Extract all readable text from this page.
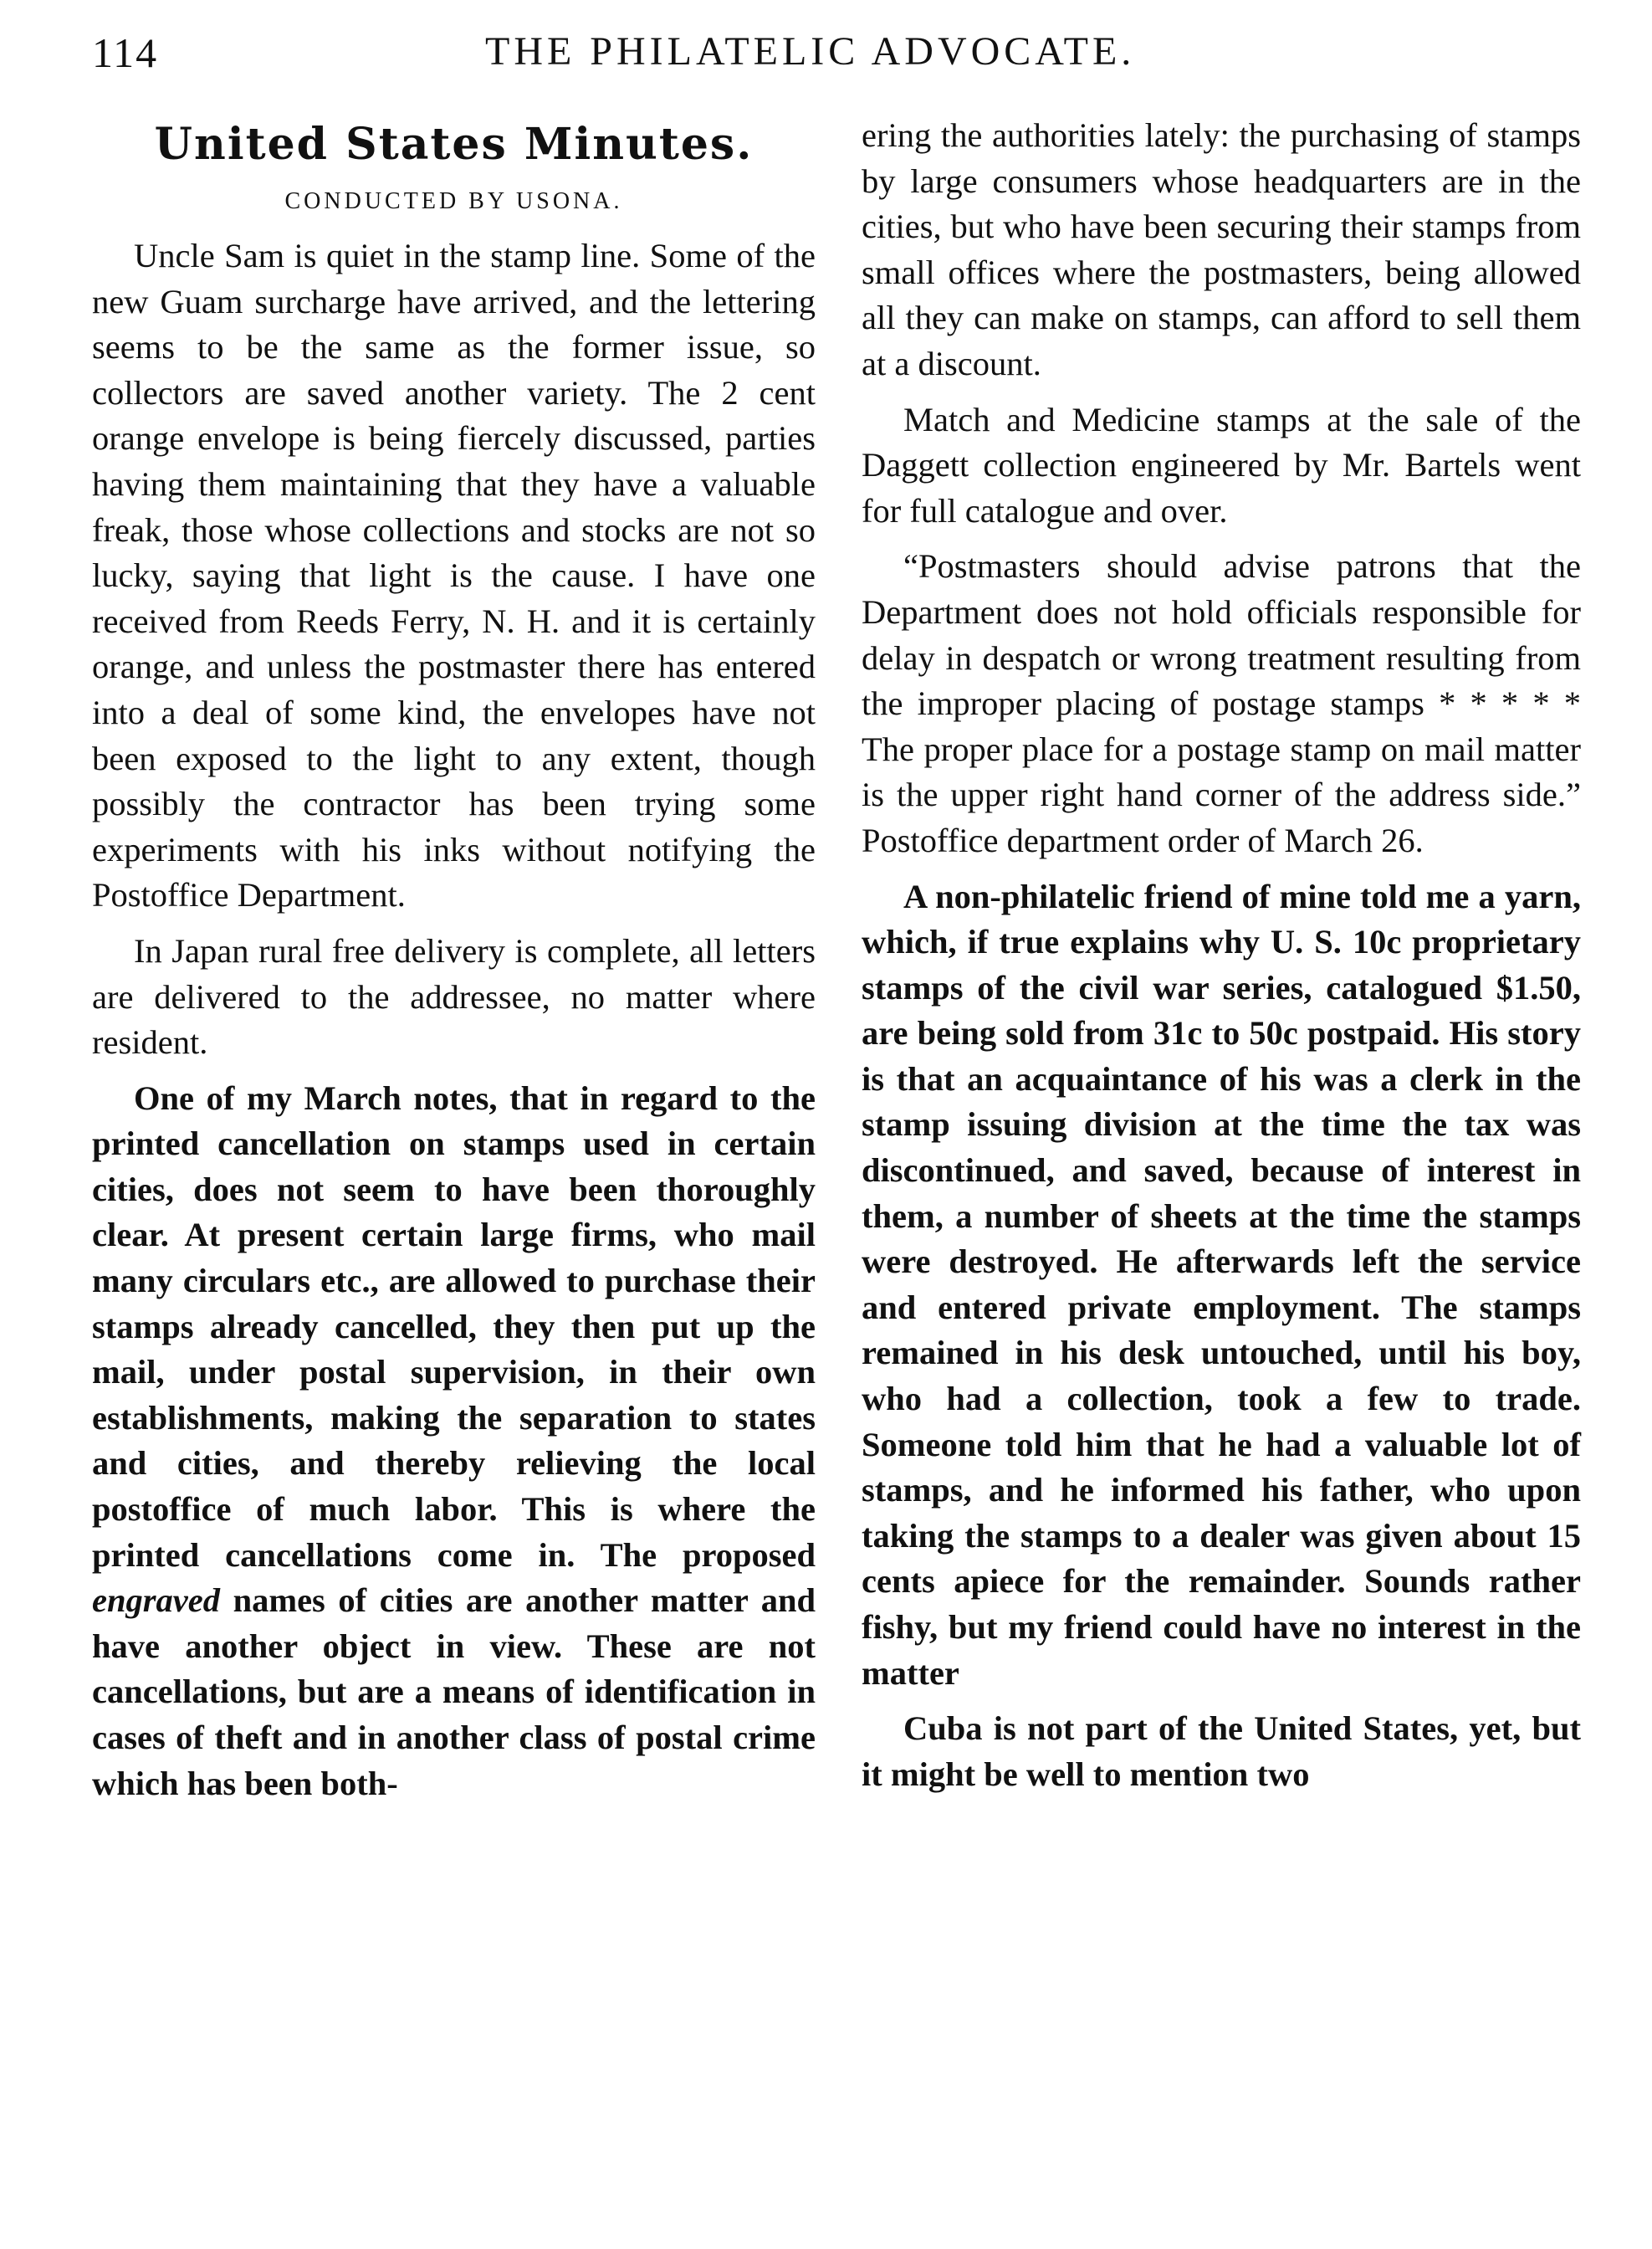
114	THE PHILATELIC ADVOCATE.
United States Minutes.
CONDUCTED BY USONA.

Uncle Sam is quiet in the stamp line. Some of the new Guam surcharge have arrived, and the lettering seems to be the same as the former issue, so collectors are saved another variety. The 2 cent orange envelope is being fiercely discussed, parties having them maintaining that they have a valuable freak, those whose collections and stocks are not so lucky, saying that light is the cause. I have one received from Reeds Ferry, N. H. and it is certainly orange, and unless the postmaster there has entered into a deal of some kind, the envelopes have not been exposed to the light to any extent, though possibly the contractor has been trying some experiments with his inks without notifying the Postoffice Department.

In Japan rural free delivery is complete, all letters are delivered to the addressee, no matter where resident.

One of my March notes, that in regard to the printed cancellation on stamps used in certain cities, does not seem to have been thoroughly clear. At present certain large firms, who mail many circulars etc., are allowed to purchase their stamps already cancelled, they then put up the mail, under postal supervision, in their own establishments, making the separation to states and cities, and thereby relieving the local postoffice of much labor. This is where the printed cancellations come in. The proposed engraved names of cities are another matter and have another object in view. These are not cancellations, but are a means of identification in cases of theft and in another class of postal crime which has been both-

ering the authorities lately: the purchasing of stamps by large consumers whose headquarters are in the cities, but who have been securing their stamps from small offices where the postmasters, being allowed all they can make on stamps, can afford to sell them at a discount.

Match and Medicine stamps at the sale of the Daggett collection engineered by Mr. Bartels went for full catalogue and over.

“Postmasters should advise patrons that the Department does not hold officials responsible for delay in despatch or wrong treatment resulting from the improper placing of postage stamps * * * * * The proper place for a postage stamp on mail matter is the upper right hand corner of the address side.” Postoffice department order of March 26.

A non-philatelic friend of mine told me a yarn, which, if true explains why U. S. 10c proprietary stamps of the civil war series, catalogued $1.50, are being sold from 31c to 50c postpaid. His story is that an acquaintance of his was a clerk in the stamp issuing division at the time the tax was discontinued, and saved, because of interest in them, a number of sheets at the time the stamps were destroyed. He afterwards left the service and entered private employment. The stamps remained in his desk untouched, until his boy, who had a collection, took a few to trade. Someone told him that he had a valuable lot of stamps, and he informed his father, who upon taking the stamps to a dealer was given about 15 cents apiece for the remainder. Sounds rather fishy, but my friend could have no interest in the matter

Cuba is not part of the United States, yet, but it might be well to mention two
